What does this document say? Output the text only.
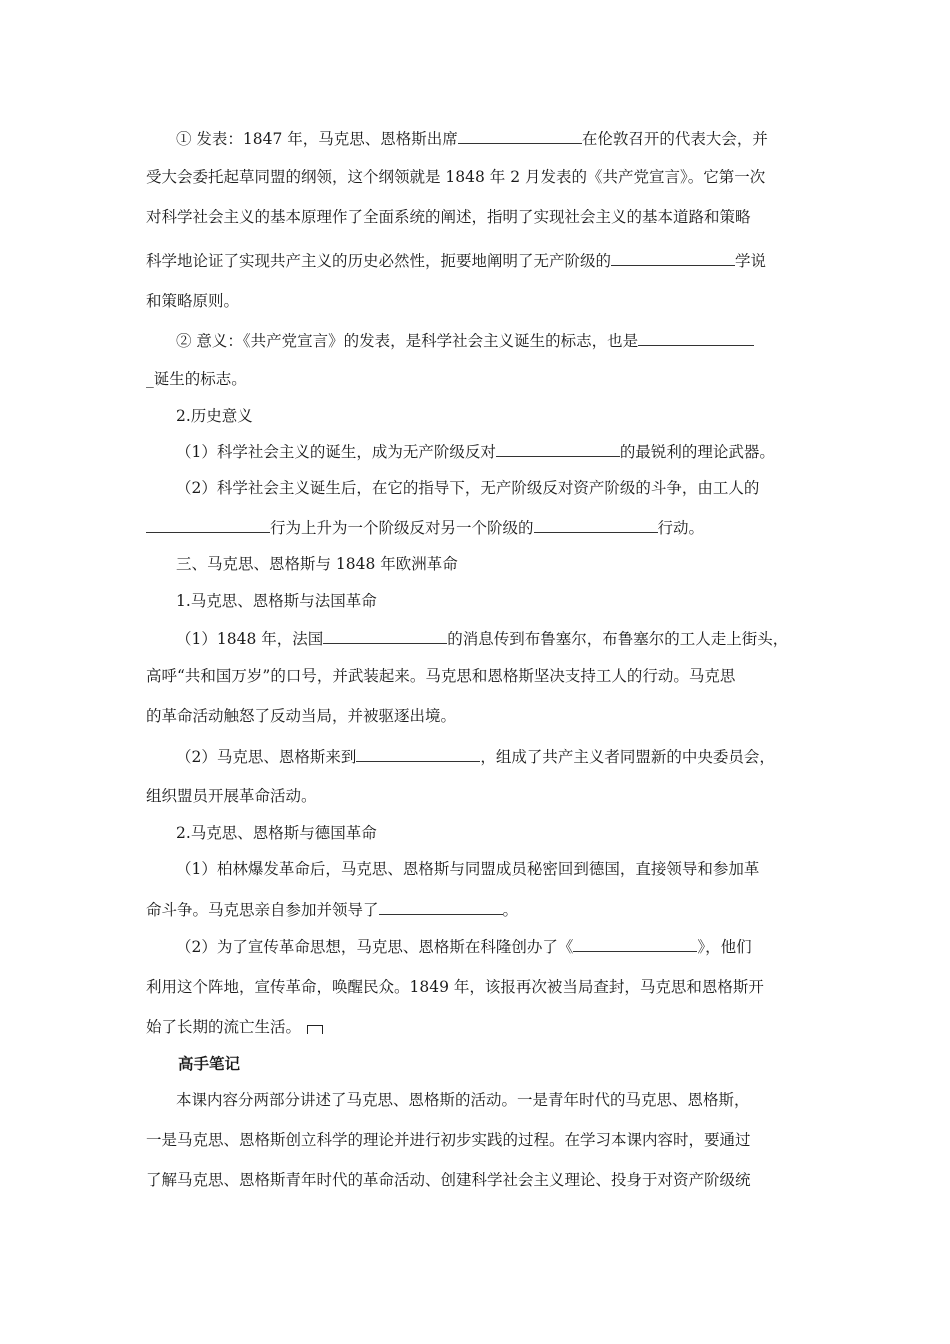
① 发表：1847 年，马克思、恩格斯出席	在伦敦召开的代表大会，并
受大会委托起草同盟的纲领，这个纲领就是 1848 年 2 月发表的《共产党宣言》。它第一次
对科学社会主义的基本原理作了全面系统的阐述，指明了实现社会主义的基本道路和策略
科学地论证了实现共产主义的历史必然性，扼要地阐明了无产阶级的	学说
和策略原则。
② 意义：《共产党宣言》的发表，是科学社会主义诞生的标志，也是
_诞生的标志。
2.历史意义
（1）科学社会主义的诞生，成为无产阶级反对	的最锐利的理论武器。
（2）科学社会主义诞生后，在它的指导下，无产阶级反对资产阶级的斗争，由工人的
行为上升为一个阶级反对另一个阶级的	行动。
三、马克思、恩格斯与 1848 年欧洲革命
1.马克思、恩格斯与法国革命
（1）1848 年，法国	的消息传到布鲁塞尔，布鲁塞尔的工人走上街头，
高呼“共和国万岁”的口号，并武装起来。马克思和恩格斯坚决支持工人的行动。马克思
的革命活动触怒了反动当局，并被驱逐出境。
（2）马克思、恩格斯来到	，组成了共产主义者同盟新的中央委员会，
组织盟员开展革命活动。
2.马克思、恩格斯与德国革命
（1）柏林爆发革命后，马克思、恩格斯与同盟成员秘密回到德国，直接领导和参加革
命斗争。马克思亲自参加并领导了	。
（2）为了宣传革命思想，马克思、恩格斯在科隆创办了《	》，他们
利用这个阵地，宣传革命，唤醒民众。1849 年，该报再次被当局查封，马克思和恩格斯开
始了长期的流亡生活。
高手笔记
本课内容分两部分讲述了马克思、恩格斯的活动。一是青年时代的马克思、恩格斯，
一是马克思、恩格斯创立科学的理论并进行初步实践的过程。在学习本课内容时，要通过
了解马克思、恩格斯青年时代的革命活动、创建科学社会主义理论、投身于对资产阶级统
